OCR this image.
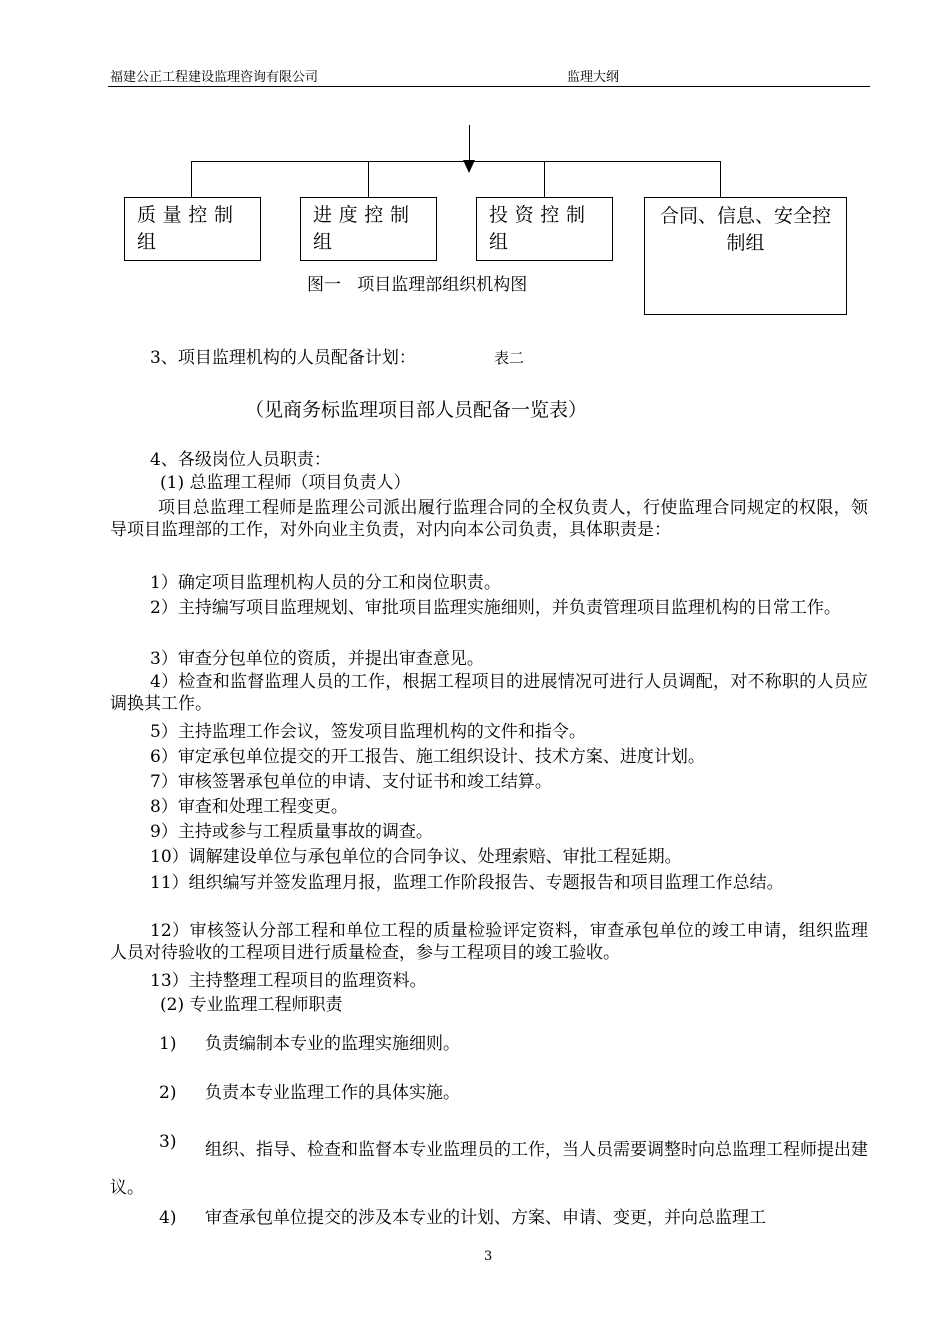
福建公正工程建设监理咨询有限公司	监理大纲
质量控制组
进度控制组
投资控制组
合同、信息、安全控制组
图一   项目监理部组织机构图
3、项目监理机构的人员配备计划：	表二
（见商务标监理项目部人员配备一览表）
4、各级岗位人员职责：
(1) 总监理工程师（项目负责人）
项目总监理工程师是监理公司派出履行监理合同的全权负责人，行使监理合同规定的权限，领导项目监理部的工作，对外向业主负责，对内向本公司负责，具体职责是：
1）确定项目监理机构人员的分工和岗位职责。
2）主持编写项目监理规划、审批项目监理实施细则，并负责管理项目监理机构的日常工作。
3）审查分包单位的资质，并提出审查意见。
4）检查和监督监理人员的工作，根据工程项目的进展情况可进行人员调配，对不称职的人员应调换其工作。
5）主持监理工作会议，签发项目监理机构的文件和指令。
6）审定承包单位提交的开工报告、施工组织设计、技术方案、进度计划。
7）审核签署承包单位的申请、支付证书和竣工结算。
8）审查和处理工程变更。
9）主持或参与工程质量事故的调查。
10）调解建设单位与承包单位的合同争议、处理索赔、审批工程延期。
11）组织编写并签发监理月报，监理工作阶段报告、专题报告和项目监理工作总结。
12）审核签认分部工程和单位工程的质量检验评定资料，审查承包单位的竣工申请，组织监理人员对待验收的工程项目进行质量检查，参与工程项目的竣工验收。
13）主持整理工程项目的监理资料。
(2) 专业监理工程师职责
1) 负责编制本专业的监理实施细则。
2) 负责本专业监理工作的具体实施。
3)	组织、指导、检查和监督本专业监理员的工作，当人员需要调整时向总监理工程师提出建议。
4) 审查承包单位提交的涉及本专业的计划、方案、申请、变更，并向总监理工
3
